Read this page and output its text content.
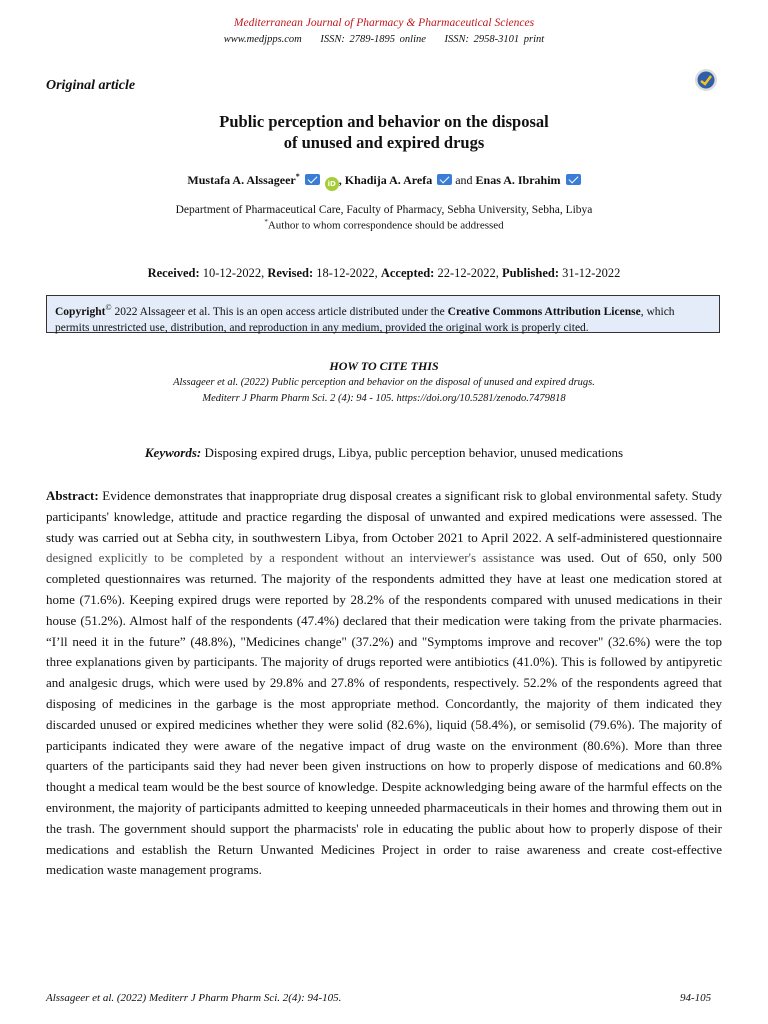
Mediterranean Journal of Pharmacy & Pharmaceutical Sciences
www.medjpps.com ISSN: 2789-1895 online ISSN: 2958-3101 print
Original article
Public perception and behavior on the disposal
of unused and expired drugs
Mustafa A. Alssageer*  iD , Khadija A. Arefa  and Enas A. Ibrahim
Department of Pharmaceutical Care, Faculty of Pharmacy, Sebha University, Sebha, Libya
*Author to whom correspondence should be addressed
Received: 10-12-2022, Revised: 18-12-2022, Accepted: 22-12-2022, Published: 31-12-2022
Copyright© 2022 Alssageer et al. This is an open access article distributed under the Creative Commons Attribution License, which permits unrestricted use, distribution, and reproduction in any medium, provided the original work is properly cited.
HOW TO CITE THIS
Alssageer et al. (2022) Public perception and behavior on the disposal of unused and expired drugs.
Mediterr J Pharm Pharm Sci. 2 (4): 94 - 105. https://doi.org/10.5281/zenodo.7479818
Keywords: Disposing expired drugs, Libya, public perception behavior, unused medications
Abstract: Evidence demonstrates that inappropriate drug disposal creates a significant risk to global environmental safety. Study participants' knowledge, attitude and practice regarding the disposal of unwanted and expired medications were assessed. The study was carried out at Sebha city, in southwestern Libya, from October 2021 to April 2022. A self-administered questionnaire designed explicitly to be completed by a respondent without an interviewer's assistance was used. Out of 650, only 500 completed questionnaires was returned. The majority of the respondents admitted they have at least one medication stored at home (71.6%). Keeping expired drugs were reported by 28.2% of the respondents compared with unused medications in their house (51.2%). Almost half of the respondents (47.4%) declared that their medication were taking from the private pharmacies. “I’ll need it in the future” (48.8%), "Medicines change" (37.2%) and "Symptoms improve and recover" (32.6%) were the top three explanations given by participants. The majority of drugs reported were antibiotics (41.0%). This is followed by antipyretic and analgesic drugs, which were used by 29.8% and 27.8% of respondents, respectively. 52.2% of the respondents agreed that disposing of medicines in the garbage is the most appropriate method. Concordantly, the majority of them indicated they discarded unused or expired medicines whether they were solid (82.6%), liquid (58.4%), or semisolid (79.6%). The majority of participants indicated they were aware of the negative impact of drug waste on the environment (80.6%). More than three quarters of the participants said they had never been given instructions on how to properly dispose of medications and 60.8% thought a medical team would be the best source of knowledge. Despite acknowledging being aware of the harmful effects on the environment, the majority of participants admitted to keeping unneeded pharmaceuticals in their homes and throwing them out in the trash. The government should support the pharmacists' role in educating the public about how to properly dispose of their medications and establish the Return Unwanted Medicines Project in order to raise awareness and create cost-effective medication waste management programs.
Alssageer et al. (2022) Mediterr J Pharm Pharm Sci. 2(4): 94-105.	94-105
